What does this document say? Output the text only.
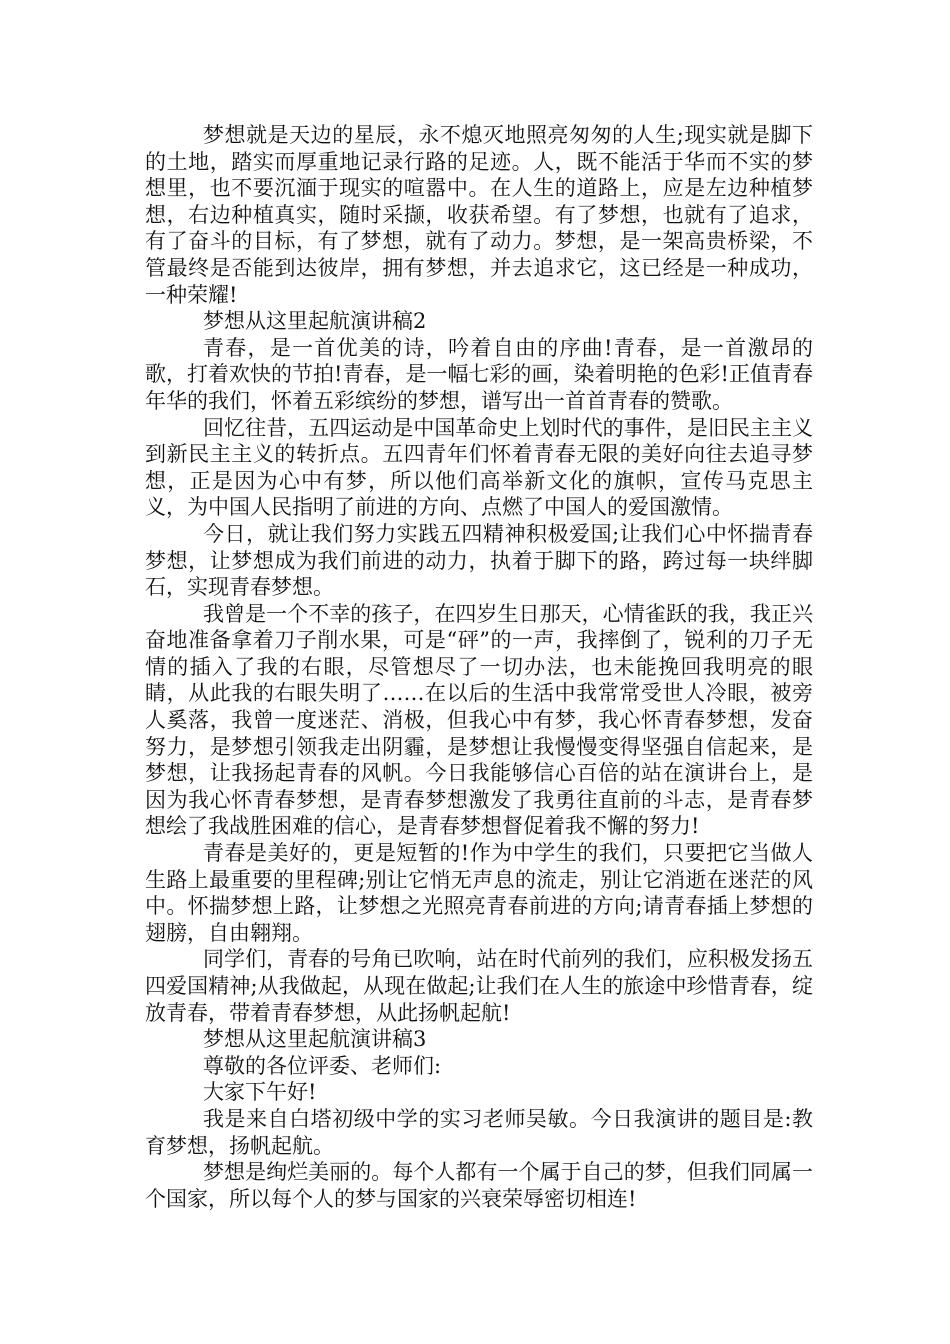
梦想就是天边的星辰，永不熄灭地照亮匆匆的人生;现实就是脚下的土地，踏实而厚重地记录行路的足迹。人，既不能活于华而不实的梦想里，也不要沉湎于现实的喧嚣中。在人生的道路上，应是左边种植梦想，右边种植真实，随时采撷，收获希望。有了梦想，也就有了追求，有了奋斗的目标，有了梦想，就有了动力。梦想，是一架高贵桥梁，不管最终是否能到达彼岸，拥有梦想，并去追求它，这已经是一种成功，一种荣耀!

梦想从这里起航演讲稿2

青春，是一首优美的诗，吟着自由的序曲!青春，是一首激昂的歌，打着欢快的节拍!青春，是一幅七彩的画，染着明艳的色彩!正值青春年华的我们，怀着五彩缤纷的梦想，谱写出一首首青春的赞歌。

回忆往昔，五四运动是中国革命史上划时代的事件，是旧民主主义到新民主主义的转折点。五四青年们怀着青春无限的美好向往去追寻梦想，正是因为心中有梦，所以他们高举新文化的旗帜，宣传马克思主义，为中国人民指明了前进的方向、点燃了中国人的爱国激情。

今日，就让我们努力实践五四精神积极爱国;让我们心中怀揣青春梦想，让梦想成为我们前进的动力，执着于脚下的路，跨过每一块绊脚石，实现青春梦想。

我曾是一个不幸的孩子，在四岁生日那天，心情雀跃的我，我正兴奋地准备拿着刀子削水果，可是“砰”的一声，我摔倒了，锐利的刀子无情的插入了我的右眼，尽管想尽了一切办法，也未能挽回我明亮的眼睛，从此我的右眼失明了……在以后的生活中我常常受世人冷眼，被旁人奚落，我曾一度迷茫、消极，但我心中有梦，我心怀青春梦想，发奋努力，是梦想引领我走出阴霾，是梦想让我慢慢变得坚强自信起来，是梦想，让我扬起青春的风帆。今日我能够信心百倍的站在演讲台上，是因为我心怀青春梦想，是青春梦想激发了我勇往直前的斗志，是青春梦想绘了我战胜困难的信心，是青春梦想督促着我不懈的努力!

青春是美好的，更是短暂的!作为中学生的我们，只要把它当做人生路上最重要的里程碑;别让它悄无声息的流走，别让它消逝在迷茫的风中。怀揣梦想上路，让梦想之光照亮青春前进的方向;请青春插上梦想的翅膀，自由翱翔。

同学们，青春的号角已吹响，站在时代前列的我们，应积极发扬五四爱国精神;从我做起，从现在做起;让我们在人生的旅途中珍惜青春，绽放青春，带着青春梦想，从此扬帆起航!

梦想从这里起航演讲稿3

尊敬的各位评委、老师们:

大家下午好!

我是来自白塔初级中学的实习老师吴敏。今日我演讲的题目是:教育梦想，扬帆起航。

梦想是绚烂美丽的。每个人都有一个属于自己的梦，但我们同属一个国家，所以每个人的梦与国家的兴衰荣辱密切相连!
